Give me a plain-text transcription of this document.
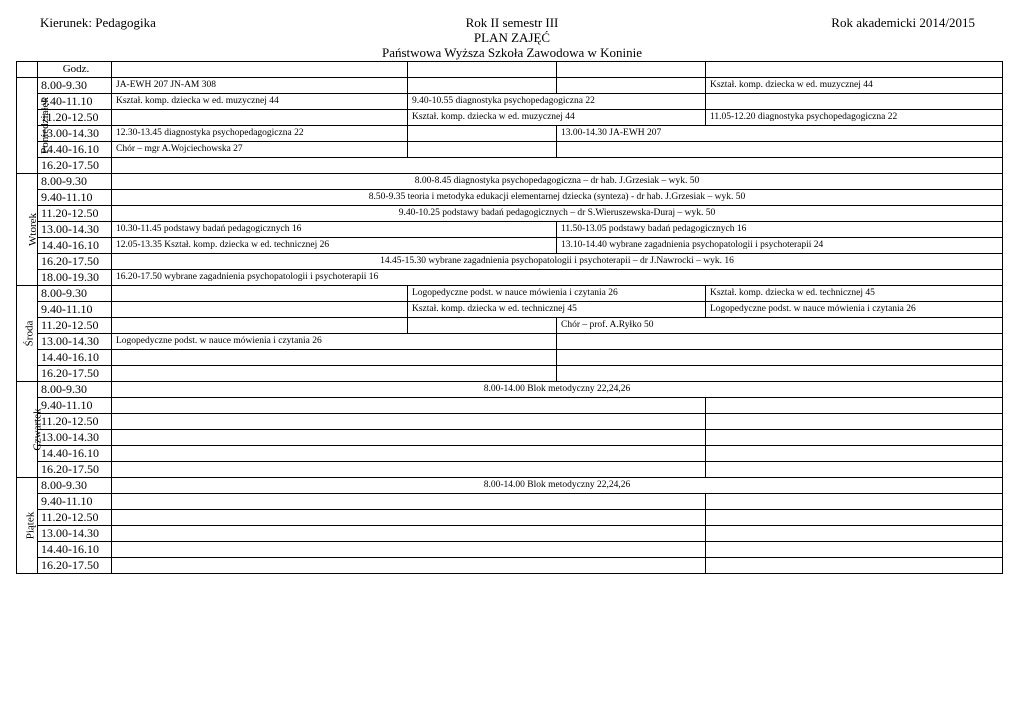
Kierunek: Pedagogika	Rok II semestr III
PLAN ZAJĘĆ
Państwowa Wyższa Szkoła Zawodowa w Koninie
Rok akademicki 2014/2015
	Godz.				
Poniedziałek	8.00-9.30	JA-EWH 207 JN-AM 308			Kształ. komp. dziecka w ed. muzycznej 44
	9.40-11.10	Kształ. komp. dziecka w ed. muzycznej 44	9.40-10.55 diagnostyka psychopedagogiczna 22		
	11.20-12.50		Kształ. komp. dziecka w ed. muzycznej 44		11.05-12.20 diagnostyka psychopedagogiczna 22
	13.00-14.30	12.30-13.45 diagnostyka psychopedagogiczna 22		13.00-14.30 JA-EWH 207	
	14.40-16.10	Chór – mgr A.Wojciechowska 27			
	16.20-17.50				
Wtorek	8.00-9.30	8.00-8.45 diagnostyka psychopedagogiczna – dr hab. J.Grzesiak – wyk. 50			
	9.40-11.10	8.50-9.35 teoria i metodyka edukacji elementarnej dziecka (synteza) - dr hab. J.Grzesiak – wyk. 50			
	11.20-12.50	9.40-10.25 podstawy badań pedagogicznych – dr S.Wieruszewska-Duraj – wyk. 50			
	13.00-14.30	10.30-11.45 podstawy badań pedagogicznych 16		11.50-13.05 podstawy badań pedagogicznych 16	
	14.40-16.10	12.05-13.35 Kształ. komp. dziecka w ed. technicznej 26		13.10-14.40 wybrane zagadnienia psychopatologii i psychoterapii 24	
	16.20-17.50	14.45-15.30 wybrane zagadnienia psychopatologii i psychoterapii – dr J.Nawrocki – wyk. 16			
	18.00-19.30	16.20-17.50 wybrane zagadnienia psychopatologii i psychoterapii 16			
Środa	8.00-9.30		Logopedyczne podst. w nauce mówienia i czytania 26		Kształ. komp. dziecka w ed. technicznej 45
	9.40-11.10		Kształ. komp. dziecka w ed. technicznej 45		Logopedyczne podst. w nauce mówienia i czytania 26
	11.20-12.50			Chór – prof. A.Ryłko 50	
	13.00-14.30	Logopedyczne podst. w nauce mówienia i czytania 26			
	14.40-16.10				
	16.20-17.50				
Czwartek	8.00-9.30	8.00-14.00 Blok metodyczny 22,24,26			
	9.40-11.10				
	11.20-12.50				
	13.00-14.30				
	14.40-16.10				
	16.20-17.50				
Piątek	8.00-9.30	8.00-14.00 Blok metodyczny 22,24,26			
	9.40-11.10				
	11.20-12.50				
	13.00-14.30				
	14.40-16.10				
	16.20-17.50				
